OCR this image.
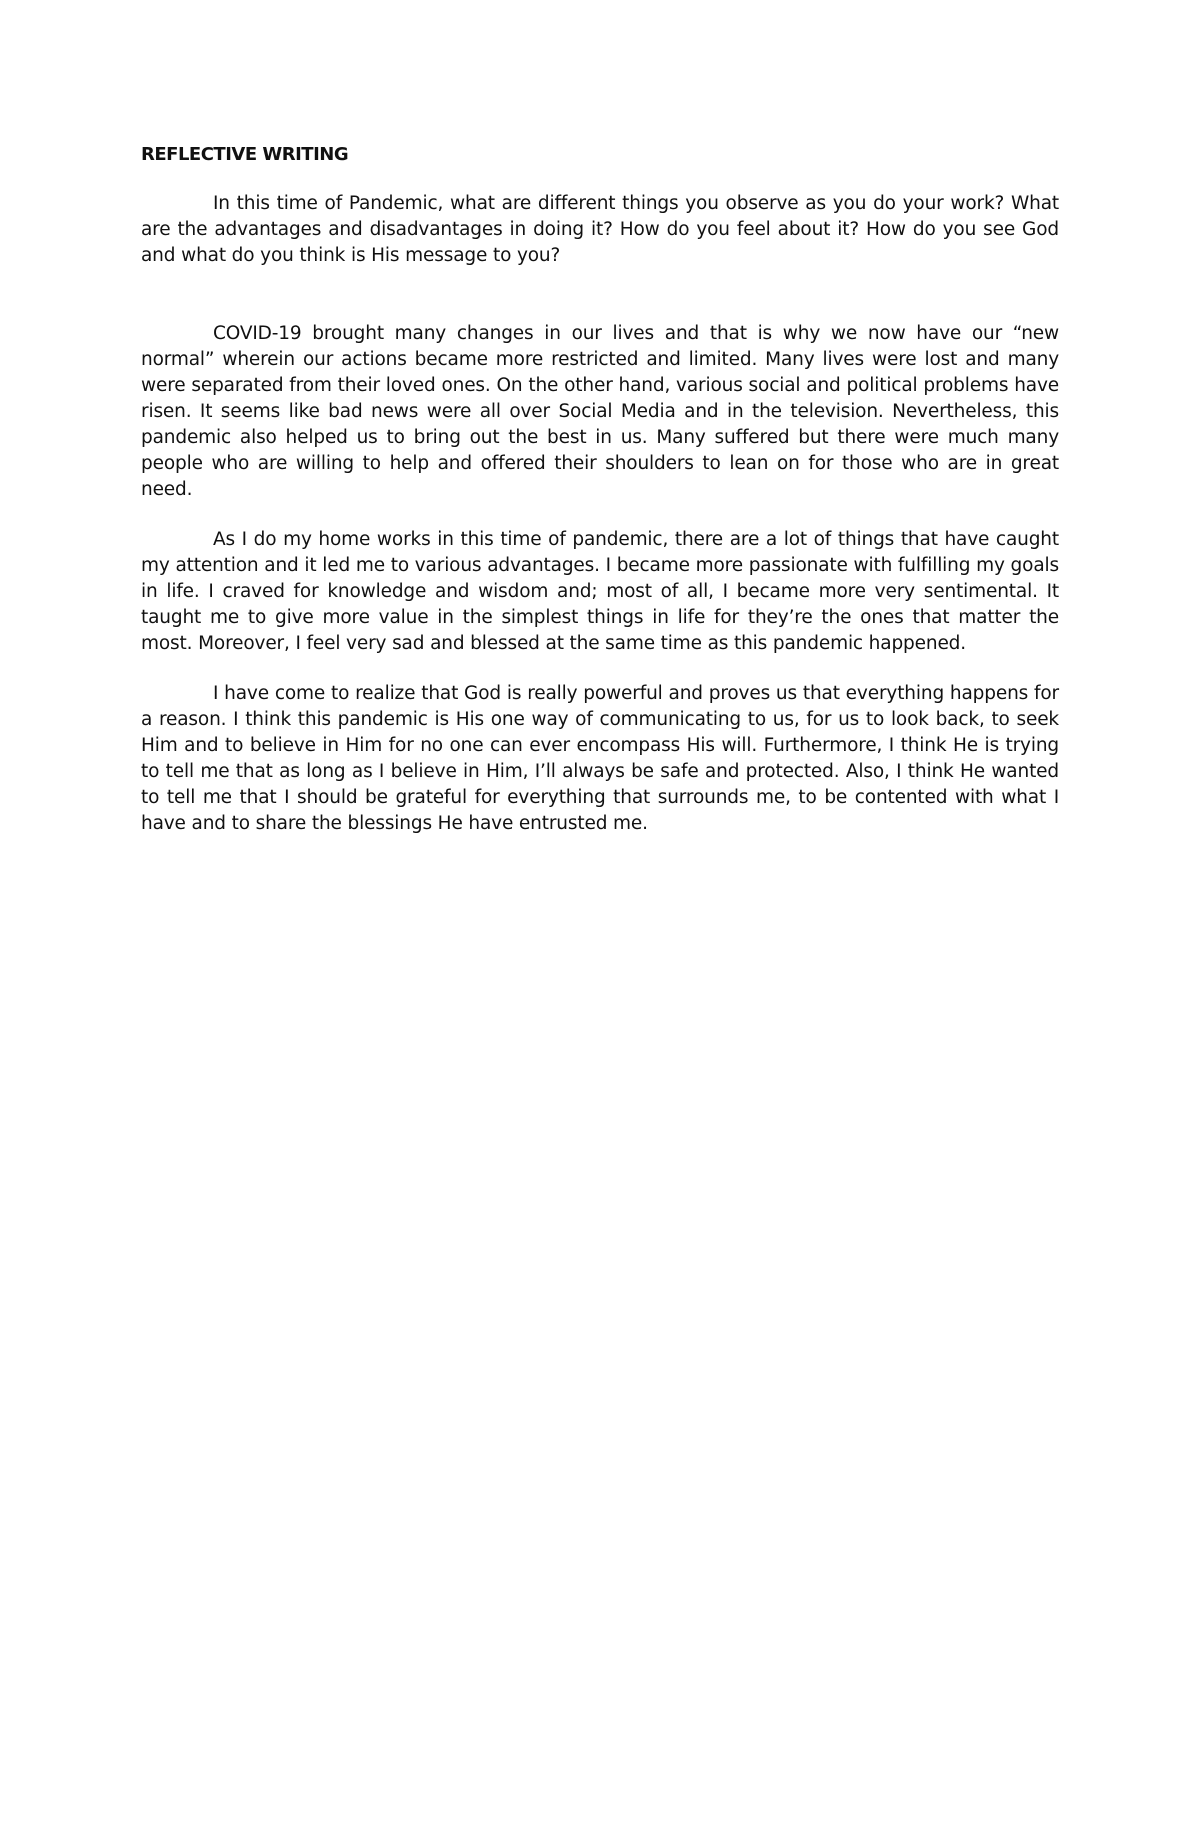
REFLECTIVE WRITING

In this time of Pandemic, what are different things you observe as you do your work? What are the advantages and disadvantages in doing it? How do you feel about it? How do you see God and what do you think is His message to you?

COVID-19 brought many changes in our lives and that is why we now have our “new normal” wherein our actions became more restricted and limited. Many lives were lost and many were separated from their loved ones. On the other hand, various social and political problems have risen. It seems like bad news were all over Social Media and in the television. Nevertheless, this pandemic also helped us to bring out the best in us. Many suffered but there were much many people who are willing to help and offered their shoulders to lean on for those who are in great need.

As I do my home works in this time of pandemic, there are a lot of things that have caught my attention and it led me to various advantages. I became more passionate with fulfilling my goals in life. I craved for knowledge and wisdom and; most of all, I became more very sentimental. It taught me to give more value in the simplest things in life for they’re the ones that matter the most. Moreover, I feel very sad and blessed at the same time as this pandemic happened.

I have come to realize that God is really powerful and proves us that everything happens for a reason. I think this pandemic is His one way of communicating to us, for us to look back, to seek Him and to believe in Him for no one can ever encompass His will. Furthermore, I think He is trying to tell me that as long as I believe in Him, I’ll always be safe and protected. Also, I think He wanted to tell me that I should be grateful for everything that surrounds me, to be contented with what I have and to share the blessings He have entrusted me.
